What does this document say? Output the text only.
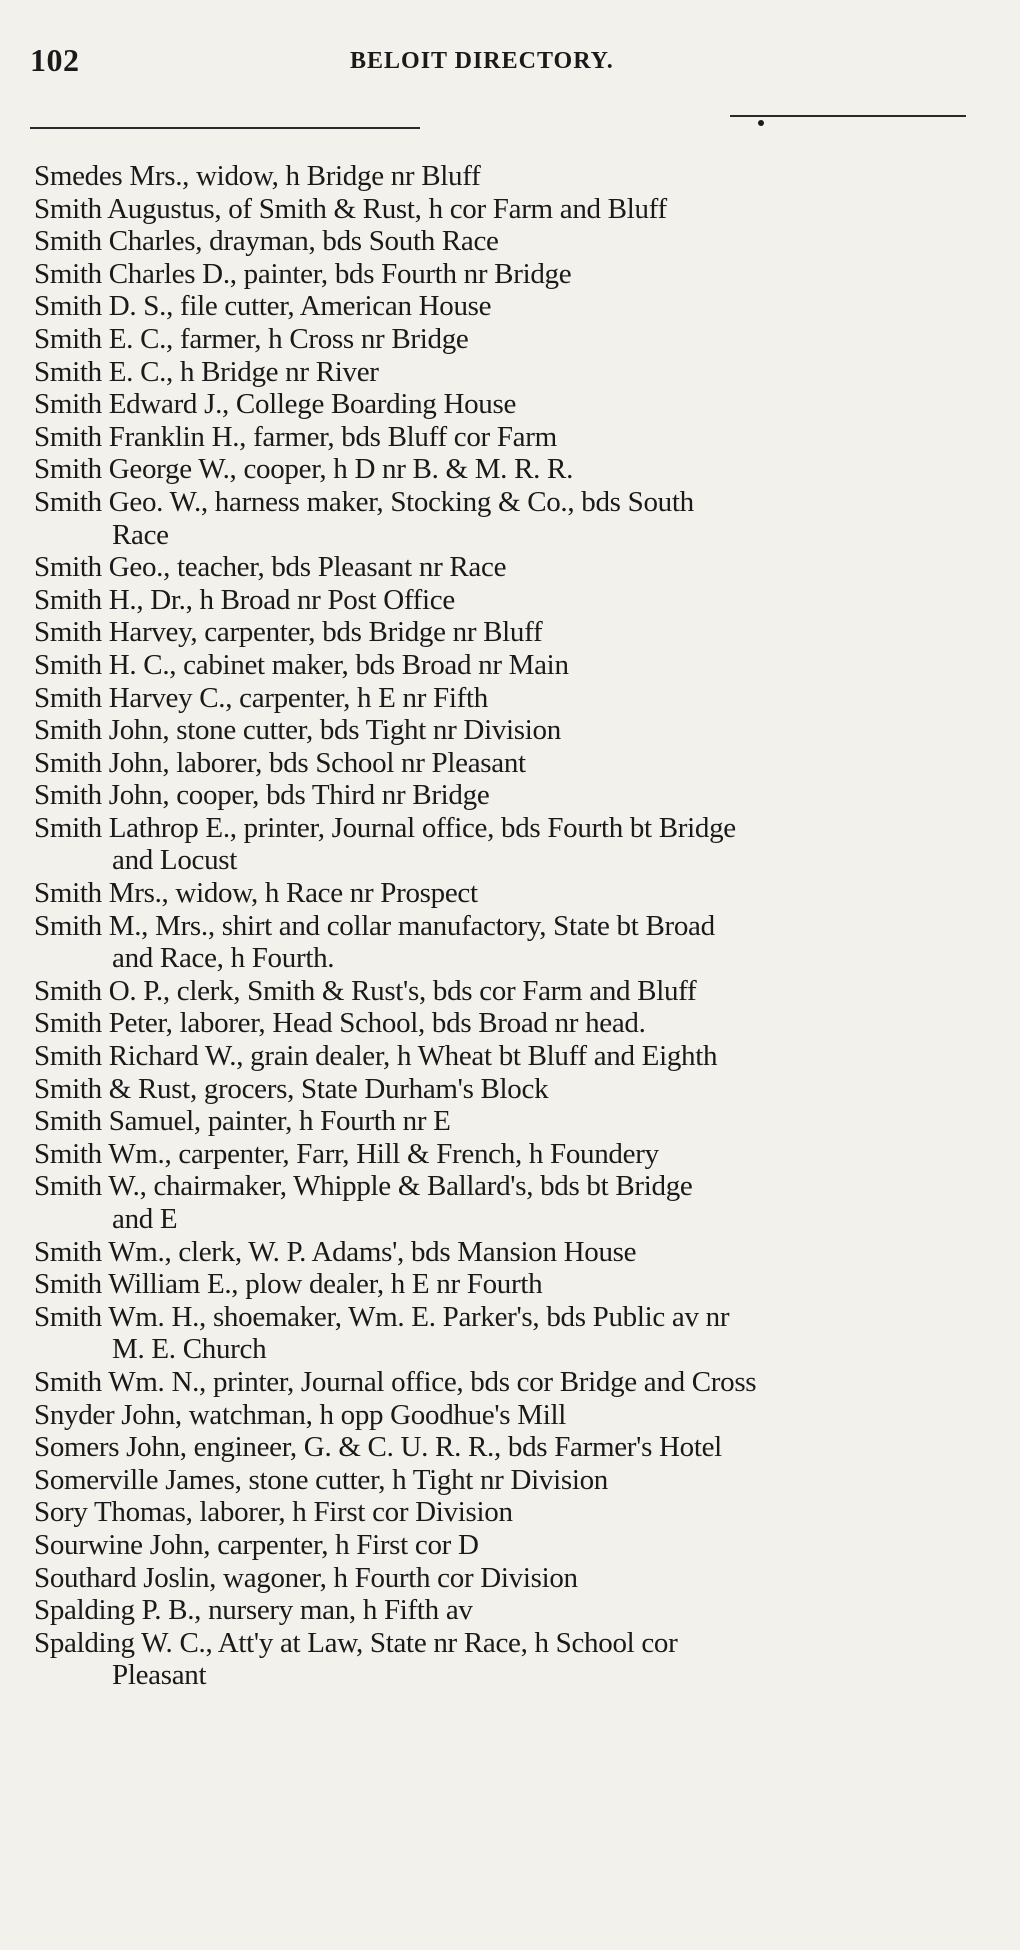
102	BELOIT DIRECTORY.

Smedes Mrs., widow, h Bridge nr Bluff

Smith Augustus, of Smith & Rust, h cor Farm and Bluff

Smith Charles, drayman, bds South Race

Smith Charles D., painter, bds Fourth nr Bridge

Smith D. S., file cutter, American House

Smith E. C., farmer, h Cross nr Bridge

Smith E. C., h Bridge nr River

Smith Edward J., College Boarding House

Smith Franklin H., farmer, bds Bluff cor Farm

Smith George W., cooper, h D nr B. & M. R. R.

Smith Geo. W., harness maker, Stocking & Co., bds South
Race

Smith Geo., teacher, bds Pleasant nr Race

Smith H., Dr., h Broad nr Post Office

Smith Harvey, carpenter, bds Bridge nr Bluff

Smith H. C., cabinet maker, bds Broad nr Main

Smith Harvey C., carpenter, h E nr Fifth

Smith John, stone cutter, bds Tight nr Division

Smith John, laborer, bds School nr Pleasant

Smith John, cooper, bds Third nr Bridge

Smith Lathrop E., printer, Journal office, bds Fourth bt Bridge
and Locust

Smith Mrs., widow, h Race nr Prospect

Smith M., Mrs., shirt and collar manufactory, State bt Broad
and Race, h Fourth.

Smith O. P., clerk, Smith & Rust's, bds cor Farm and Bluff

Smith Peter, laborer, Head School, bds Broad nr head.

Smith Richard W., grain dealer, h Wheat bt Bluff and Eighth

Smith & Rust, grocers, State Durham's Block

Smith Samuel, painter, h Fourth nr E

Smith Wm., carpenter, Farr, Hill & French, h Foundery

Smith W., chairmaker, Whipple & Ballard's, bds bt Bridge
and E

Smith Wm., clerk, W. P. Adams', bds Mansion House

Smith William E., plow dealer, h E nr Fourth

Smith Wm. H., shoemaker, Wm. E. Parker's, bds Public av nr
M. E. Church

Smith Wm. N., printer, Journal office, bds cor Bridge and Cross

Snyder John, watchman, h opp Goodhue's Mill

Somers John, engineer, G. & C. U. R. R., bds Farmer's Hotel

Somerville James, stone cutter, h Tight nr Division

Sory Thomas, laborer, h First cor Division

Sourwine John, carpenter, h First cor D

Southard Joslin, wagoner, h Fourth cor Division

Spalding P. B., nursery man, h Fifth av

Spalding W. C., Att'y at Law, State nr Race, h School cor
Pleasant
